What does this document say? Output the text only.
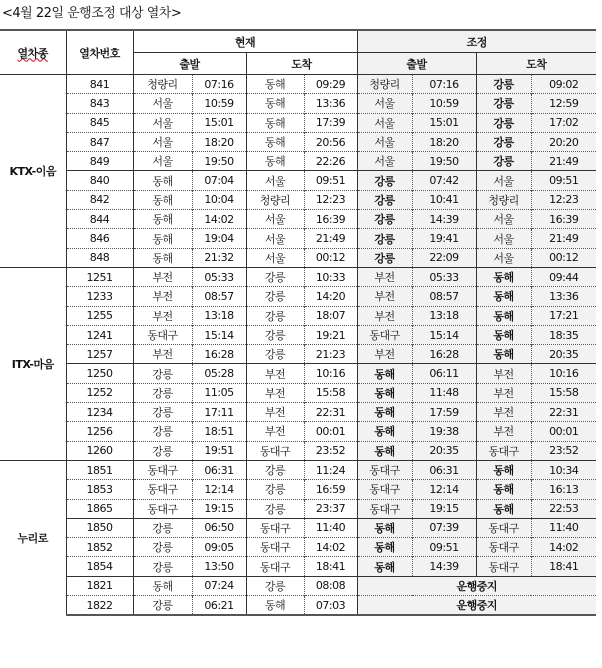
<4월 22일 운행조정 대상 열차>
열차종	열차번호	현재				조정			
		출발		도착		출발		도착	
KTX-이음	841	청량리	07:16	동해	09:29	청량리	07:16	강릉	09:02
	843	서울	10:59	동해	13:36	서울	10:59	강릉	12:59
	845	서울	15:01	동해	17:39	서울	15:01	강릉	17:02
	847	서울	18:20	동해	20:56	서울	18:20	강릉	20:20
	849	서울	19:50	동해	22:26	서울	19:50	강릉	21:49
	840	동해	07:04	서울	09:51	강릉	07:42	서울	09:51
	842	동해	10:04	청량리	12:23	강릉	10:41	청량리	12:23
	844	동해	14:02	서울	16:39	강릉	14:39	서울	16:39
	846	동해	19:04	서울	21:49	강릉	19:41	서울	21:49
	848	동해	21:32	서울	00:12	강릉	22:09	서울	00:12
ITX-마음	1251	부전	05:33	강릉	10:33	부전	05:33	동해	09:44
	1233	부전	08:57	강릉	14:20	부전	08:57	동해	13:36
	1255	부전	13:18	강릉	18:07	부전	13:18	동해	17:21
	1241	동대구	15:14	강릉	19:21	동대구	15:14	동해	18:35
	1257	부전	16:28	강릉	21:23	부전	16:28	동해	20:35
	1250	강릉	05:28	부전	10:16	동해	06:11	부전	10:16
	1252	강릉	11:05	부전	15:58	동해	11:48	부전	15:58
	1234	강릉	17:11	부전	22:31	동해	17:59	부전	22:31
	1256	강릉	18:51	부전	00:01	동해	19:38	부전	00:01
	1260	강릉	19:51	동대구	23:52	동해	20:35	동대구	23:52
누리로	1851	동대구	06:31	강릉	11:24	동대구	06:31	동해	10:34
	1853	동대구	12:14	강릉	16:59	동대구	12:14	동해	16:13
	1865	동대구	19:15	강릉	23:37	동대구	19:15	동해	22:53
	1850	강릉	06:50	동대구	11:40	동해	07:39	동대구	11:40
	1852	강릉	09:05	동대구	14:02	동해	09:51	동대구	14:02
	1854	강릉	13:50	동대구	18:41	동해	14:39	동대구	18:41
	1821	동해	07:24	강릉	08:08	운행중지			
	1822	강릉	06:21	동해	07:03	운행중지			
